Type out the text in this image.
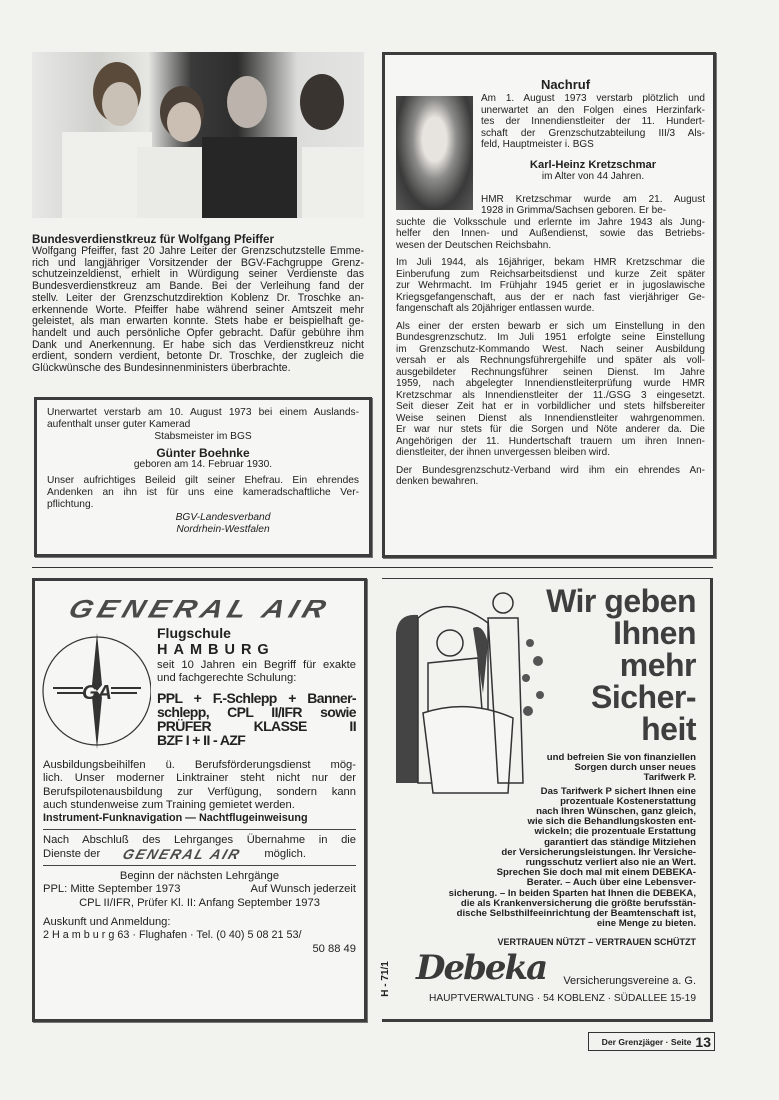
Bundesverdienstkreuz für Wolfgang Pfeiffer
Wolfgang Pfeiffer, fast 20 Jahre Leiter der Grenzschutzstelle Emme-
rich und langjähriger Vorsitzender der BGV-Fachgruppe Grenz-
schutzeinzeldienst, erhielt in Würdigung seiner Verdienste das
Bundesverdienstkreuz am Bande. Bei der Verleihung fand der
stellv. Leiter der Grenzschutzdirektion Koblenz Dr. Troschke an-
erkennende Worte. Pfeiffer habe während seiner Amtszeit mehr
geleistet, als man erwarten konnte. Stets habe er beispielhaft ge-
handelt und auch persönliche Opfer gebracht. Dafür gebühre ihm
Dank und Anerkennung. Er habe sich das Verdienstkreuz nicht
erdient, sondern verdient, betonte Dr. Troschke, der zugleich die
Glückwünsche des Bundesinnenministers überbrachte.
Unerwartet verstarb am 10. August 1973 bei einem Auslands-
aufenthalt unser guter Kamerad
Stabsmeister im BGS
Günter Boehnke
geboren am 14. Februar 1930.
Unser aufrichtiges Beileid gilt seiner Ehefrau. Ein ehrendes
Andenken an ihn ist für uns eine kameradschaftliche Ver-
pflichtung.
BGV-Landesverband
Nordrhein-Westfalen
Nachruf
Am 1. August 1973 verstarb plötzlich und
unerwartet an den Folgen eines Herzinfark-
tes der Innendienstleiter der 11. Hundert-
schaft der Grenzschutzabteilung III/3 Als-
feld, Hauptmeister i. BGS
Karl-Heinz Kretzschmar
im Alter von 44 Jahren.
HMR Kretzschmar wurde am 21. August
1928 in Grimma/Sachsen geboren. Er be-
suchte die Volksschule und erlernte im Jahre 1943 als Jung-
helfer den Innen- und Außendienst, sowie das Betriebs-
wesen der Deutschen Reichsbahn.
Im Juli 1944, als 16jähriger, bekam HMR Kretzschmar die
Einberufung zum Reichsarbeitsdienst und kurze Zeit später
zur Wehrmacht. Im Frühjahr 1945 geriet er in jugoslawische
Kriegsgefangenschaft, aus der er nach fast vierjähriger Ge-
fangenschaft als 20jähriger entlassen wurde.
Als einer der ersten bewarb er sich um Einstellung in den
Bundesgrenzschutz. Im Juli 1951 erfolgte seine Einstellung
im Grenzschutz-Kommando West. Nach seiner Ausbildung
versah er als Rechnungsführergehilfe und später als voll-
ausgebildeter Rechnungsführer seinen Dienst. Im Jahre
1959, nach abgelegter Innendienstleiterprüfung wurde HMR
Kretzschmar als Innendienstleiter der 11./GSG 3 eingesetzt.
Seit dieser Zeit hat er in vorbildlicher und stets hilfsbereiter
Weise seinen Dienst als Innendienstleiter wahrgenommen.
Er war nur stets für die Sorgen und Nöte anderer da. Die
Angehörigen der 11. Hundertschaft trauern um ihren Innen-
dienstleiter, der ihnen unvergessen bleiben wird.
Der Bundesgrenzschutz-Verband wird ihm ein ehrendes An-
denken bewahren.
GENERAL AIR
GA
Flugschule
HAMBURG
seit 10 Jahren ein Begriff für exakte
und fachgerechte Schulung:
PPL + F.-Schlepp + Banner-
schlepp, CPL II/IFR sowie
PRÜFER KLASSE II
BZF I + II - AZF
Ausbildungsbeihilfen ü. Berufsförderungsdienst mög-
lich. Unser moderner Linktrainer steht nicht nur der
Berufspilotenausbildung zur Verfügung, sondern kann
auch stundenweise zum Training gemietet werden.
Instrument-Funknavigation — Nachtflugeinweisung
Nach Abschluß des Lehrganges Übernahme in die
Dienste der GENERAL AIR möglich.
Beginn der nächsten Lehrgänge
PPL: Mitte September 1973	Auf Wunsch jederzeit
CPL II/IFR, Prüfer Kl. II: Anfang September 1973
Auskunft und Anmeldung:
2 H a m b u r g 63 · Flughafen · Tel. (0 40) 5 08 21 53/
50 88 49
Wir geben
Ihnen
mehr
Sicher-
heit
und befreien Sie von finanziellen
Sorgen durch unser neues
Tarifwerk P.
Das Tarifwerk P sichert Ihnen eine
prozentuale Kostenerstattung
nach Ihren Wünschen, ganz gleich,
wie sich die Behandlungskosten ent-
wickeln; die prozentuale Erstattung
garantiert das ständige Mitziehen
der Versicherungsleistungen. Ihr Versiche-
rungsschutz verliert also nie an Wert.
Sprechen Sie doch mal mit einem DEBEKA-
Berater. – Auch über eine Lebensver-
sicherung. – In beiden Sparten hat Ihnen die DEBEKA,
die als Krankenversicherung die größte berufsstän-
dische Selbsthilfeeinrichtung der Beamtenschaft ist,
eine Menge zu bieten.
VERTRAUEN NÜTZT – VERTRAUEN SCHÜTZT
Debeka Versicherungsvereine a. G.
HAUPTVERWALTUNG · 54 KOBLENZ · SÜDALLEE 15-19
H - 71/1
Der Grenzjäger · Seite 13
